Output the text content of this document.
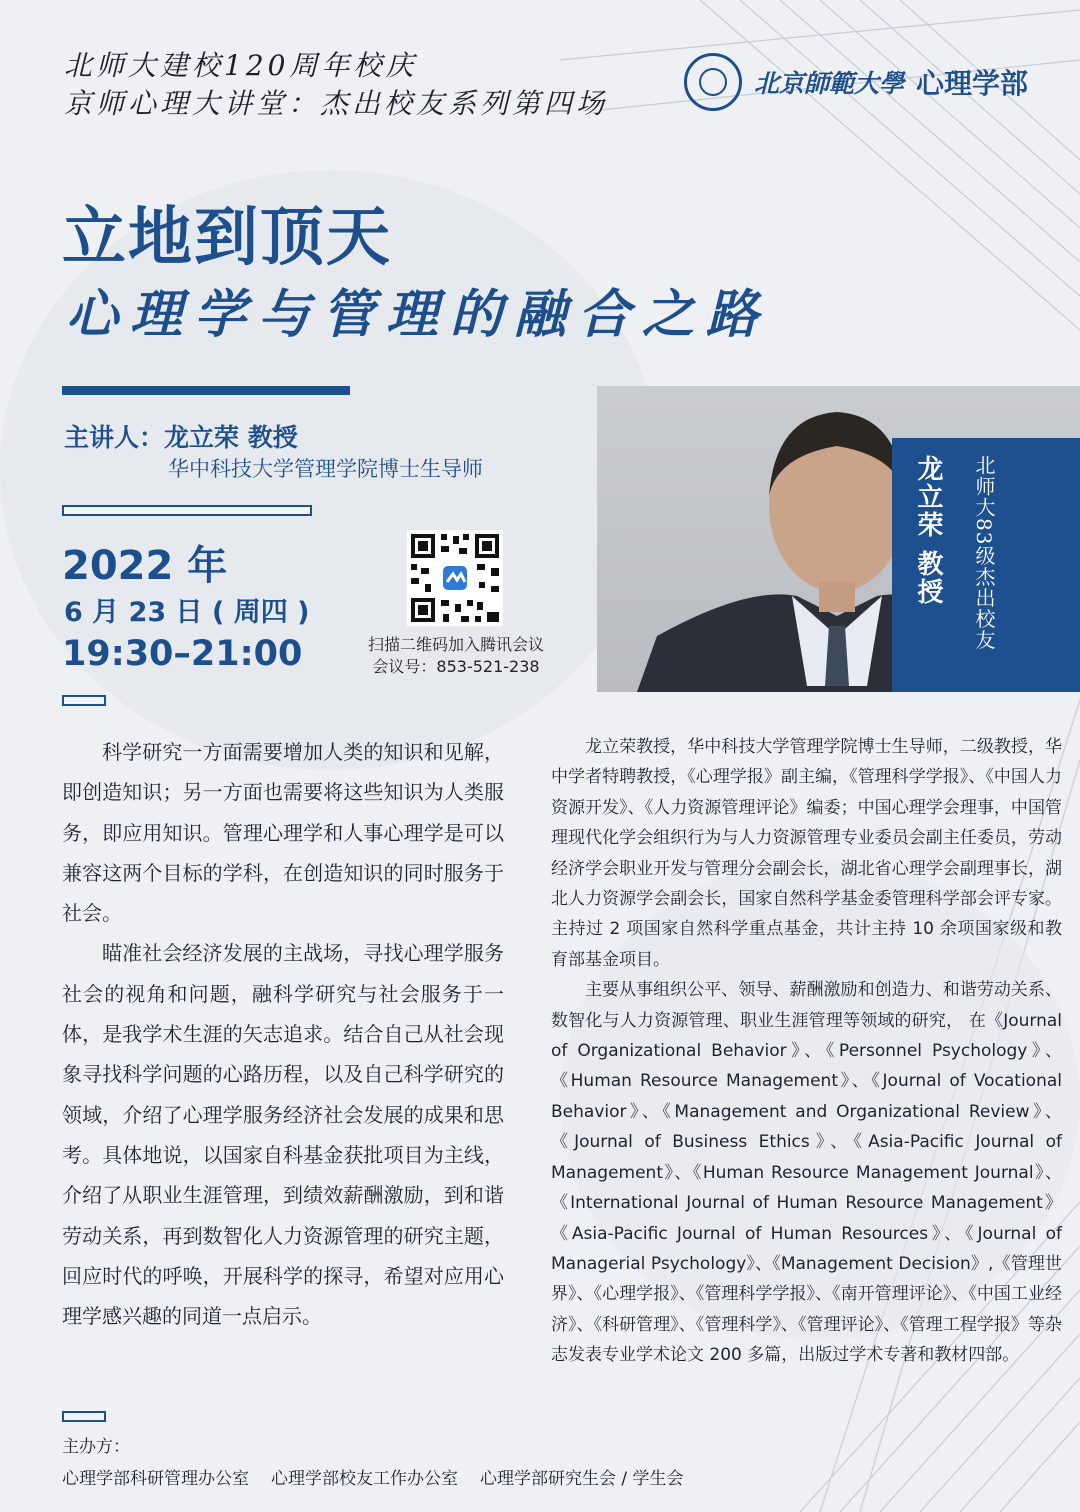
北师大建校120周年校庆
京师心理大讲堂：杰出校友系列第四场
北京師範大學 心理学部
立地到顶天
心理学与管理的融合之路
主讲人：龙立荣 教授
华中科技大学管理学院博士生导师
2022 年
6 月 23 日 ( 周四 )
19:30–21:00	扫描二维码加入腾讯会议
会议号：853-521-238
龙立荣 教授 北师大83级杰出校友

科学研究一方面需要增加人类的知识和见解，即创造知识；另一方面也需要将这些知识为人类服务，即应用知识。管理心理学和人事心理学是可以兼容这两个目标的学科，在创造知识的同时服务于社会。

瞄准社会经济发展的主战场，寻找心理学服务社会的视角和问题，融科学研究与社会服务于一体，是我学术生涯的矢志追求。结合自己从社会现象寻找科学问题的心路历程，以及自己科学研究的领域，介绍了心理学服务经济社会发展的成果和思考。具体地说，以国家自科基金获批项目为主线，介绍了从职业生涯管理，到绩效薪酬激励，到和谐劳动关系，再到数智化人力资源管理的研究主题，回应时代的呼唤，开展科学的探寻，希望对应用心理学感兴趣的同道一点启示。

龙立荣教授，华中科技大学管理学院博士生导师，二级教授，华中学者特聘教授，《心理学报》副主编，《管理科学学报》、《中国人力资源开发》、《人力资源管理评论》编委；中国心理学会理事，中国管理现代化学会组织行为与人力资源管理专业委员会副主任委员，劳动经济学会职业开发与管理分会副会长，湖北省心理学会副理事长，湖北人力资源学会副会长，国家自然科学基金委管理科学部会评专家。主持过 2 项国家自然科学重点基金，共计主持 10 余项国家级和教育部基金项目。

主要从事组织公平、领导、薪酬激励和创造力、和谐劳动关系、数智化与人力资源管理、职业生涯管理等领域的研究， 在《Journal of Organizational Behavior》、《Personnel Psychology》、《Human Resource Management》、《Journal of Vocational Behavior》、《Management and Organizational Review》、《Journal of Business Ethics》、《Asia-Pacific Journal of Management》、《Human Resource Management Journal》、《International Journal of Human Resource Management》《Asia-Pacific Journal of Human Resources》、《Journal of Managerial Psychology》、《Management Decision》,《管理世界》、《心理学报》、《管理科学学报》、《南开管理评论》、《中国工业经济》、《科研管理》、《管理科学》、《管理评论》、《管理工程学报》等杂志发表专业学术论文 200 多篇，出版过学术专著和教材四部。

主办方：
心理学部科研管理办公室 心理学部校友工作办公室 心理学部研究生会 / 学生会
